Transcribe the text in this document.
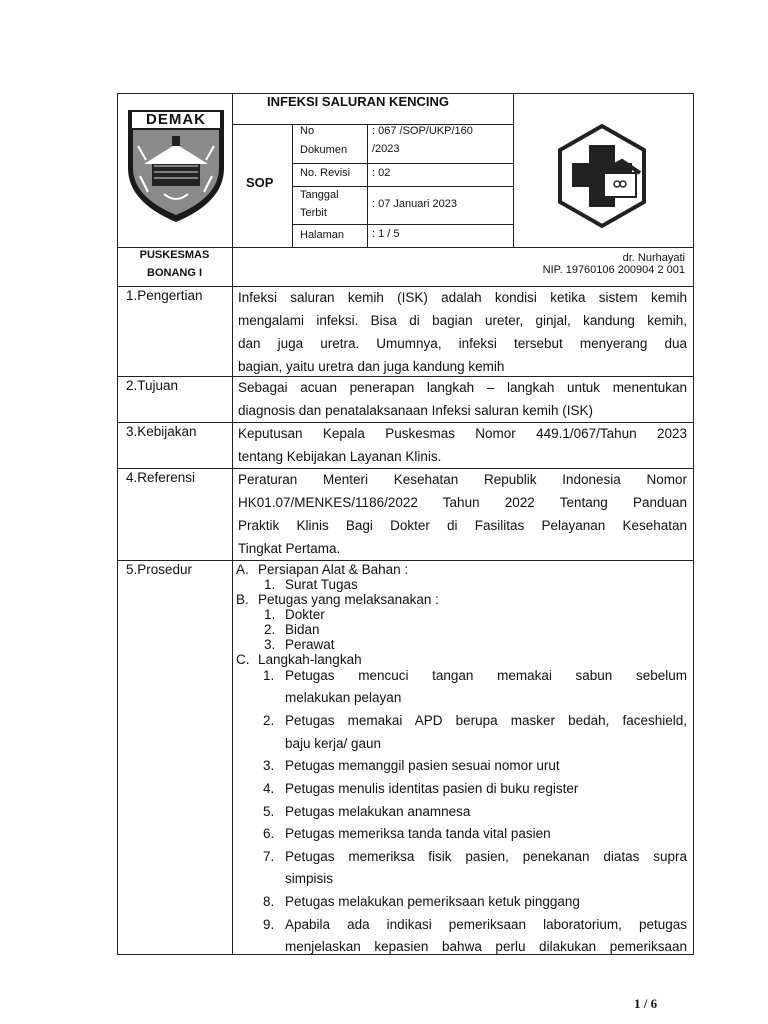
DEMAK
INFEKSI SALURAN KENCING
SOP
No
Dokumen
: 067 /SOP/UKP/160
/2023
No. Revisi : 02
Tanggal
Terbit
: 07 Januari 2023
Halaman	: 1 / 5
PUSKESMAS
BONANG I
dr. Nurhayati
NIP. 19760106 200904 2 001
1.Pengertian
2.Tujuan
3.Kebijakan
4.Referensi
5.Prosedur
Infeksi saluran kemih (ISK) adalah kondisi ketika sistem kemih
mengalami infeksi. Bisa di bagian ureter, ginjal, kandung kemih,
dan juga uretra. Umumnya, infeksi tersebut menyerang dua
bagian, yaitu uretra dan juga kandung kemih
Sebagai acuan penerapan langkah – langkah untuk menentukan
diagnosis dan penatalaksanaan Infeksi saluran kemih (ISK)
Keputusan Kepala Puskesmas Nomor 449.1/067/Tahun 2023
tentang Kebijakan Layanan Klinis.
Peraturan Menteri Kesehatan Republik Indonesia Nomor
HK01.07/MENKES/1186/2022 Tahun 2022 Tentang Panduan
Praktik Klinis Bagi Dokter di Fasilitas Pelayanan Kesehatan
Tingkat Pertama.
A. Persiapan Alat & Bahan :
1. Surat Tugas
B. Petugas yang melaksanakan :
1. Dokter
2. Bidan
3. Perawat
C. Langkah-langkah
1. Petugas mencuci tangan memakai sabun sebelum
melakukan pelayan
2. Petugas memakai APD berupa masker bedah, faceshield,
baju kerja/ gaun
3. Petugas memanggil pasien sesuai nomor urut
4. Petugas menulis identitas pasien di buku register
5. Petugas melakukan anamnesa
6. Petugas memeriksa tanda tanda vital pasien
7. Petugas memeriksa fisik pasien, penekanan diatas supra
simpisis
8. Petugas melakukan pemeriksaan ketuk pinggang
9. Apabila ada indikasi pemeriksaan laboratorium, petugas
menjelaskan kepasien bahwa perlu dilakukan pemeriksaan
1 / 6
